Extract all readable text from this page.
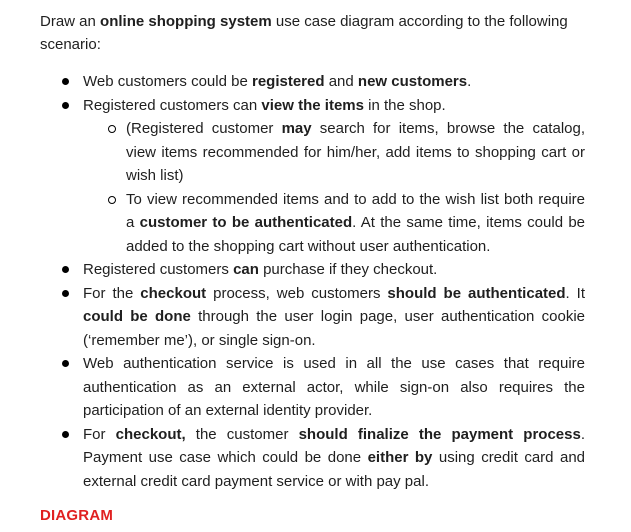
Draw an online shopping system use case diagram according to the following scenario:

Web customers could be registered and new customers.
Registered customers can view the items in the shop.
(Registered customer may search for items, browse the catalog, view items recommended for him/her, add items to shopping cart or wish list)
To view recommended items and to add to the wish list both require a customer to be authenticated. At the same time, items could be added to the shopping cart without user authentication.
Registered customers can purchase if they checkout.
For the checkout process, web customers should be authenticated. It could be done through the user login page, user authentication cookie (‘remember me’), or single sign-on.
Web authentication service is used in all the use cases that require authentication as an external actor, while sign-on also requires the participation of an external identity provider.
For checkout, the customer should finalize the payment process. Payment use case which could be done either by using credit card and external credit card payment service or with pay pal.

DIAGRAM
